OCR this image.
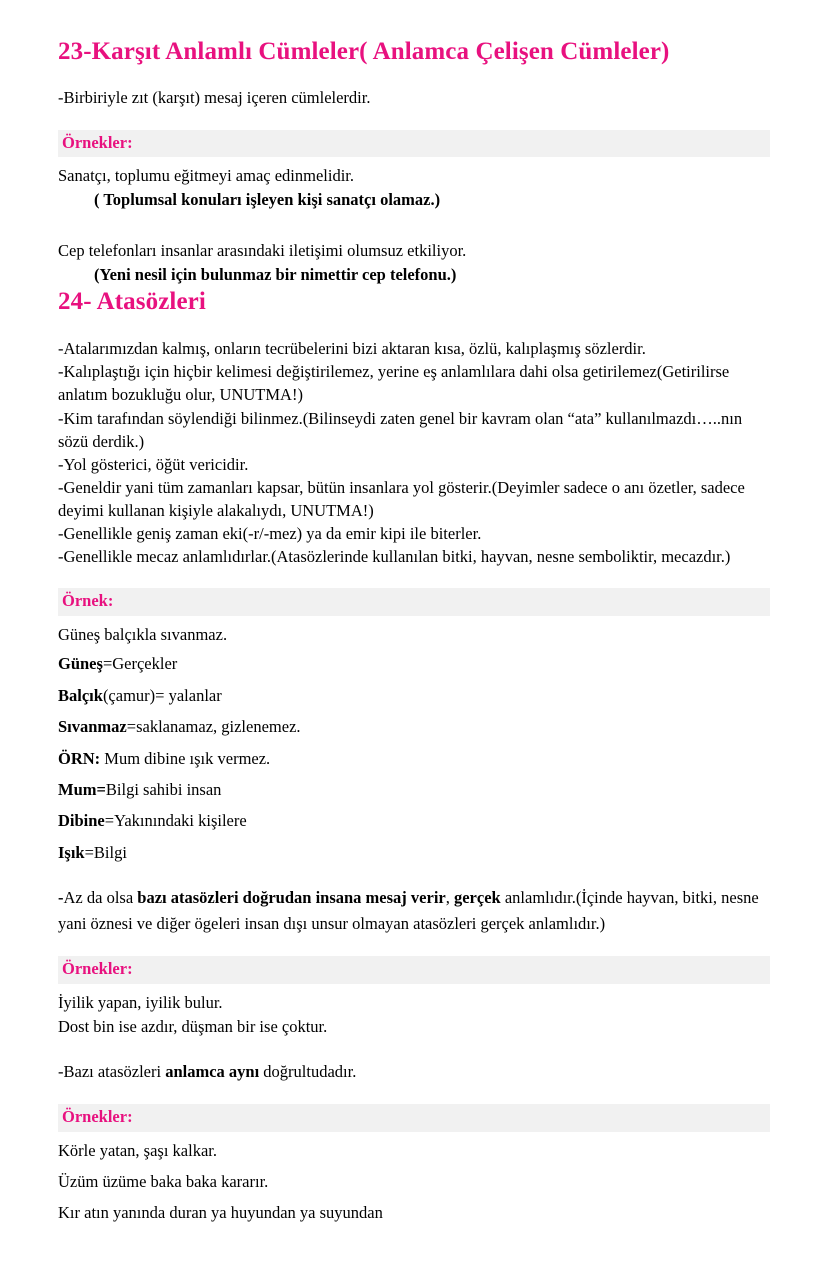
23-Karşıt Anlamlı Cümleler( Anlamca Çelişen Cümleler)

-Birbiriyle zıt (karşıt) mesaj içeren cümlelerdir.

Örnekler:

Sanatçı, toplumu eğitmeyi amaç edinmelidir.

( Toplumsal konuları işleyen kişi sanatçı olamaz.)

Cep telefonları insanlar arasındaki iletişimi olumsuz etkiliyor.

(Yeni nesil için bulunmaz bir nimettir cep telefonu.)

24- Atasözleri

-Atalarımızdan kalmış, onların tecrübelerini bizi aktaran kısa, özlü, kalıplaşmış sözlerdir.

-Kalıplaştığı için hiçbir kelimesi değiştirilemez, yerine eş anlamlılara dahi olsa getirilemez(Getirilirse anlatım bozukluğu olur, UNUTMA!)

-Kim tarafından söylendiği bilinmez.(Bilinseydi zaten genel bir kavram olan “ata” kullanılmazdı…..nın sözü derdik.)

-Yol gösterici, öğüt vericidir.

-Geneldir yani tüm zamanları kapsar, bütün insanlara yol gösterir.(Deyimler sadece o anı özetler, sadece deyimi kullanan kişiyle alakalıydı, UNUTMA!)

-Genellikle geniş zaman eki(-r/-mez) ya da emir kipi ile biterler.

-Genellikle mecaz anlamlıdırlar.(Atasözlerinde kullanılan bitki, hayvan, nesne semboliktir, mecazdır.)

Örnek:

Güneş balçıkla sıvanmaz.

Güneş=Gerçekler

Balçık(çamur)= yalanlar

Sıvanmaz=saklanamaz, gizlenemez.

ÖRN: Mum dibine ışık vermez.

Mum=Bilgi sahibi insan

Dibine=Yakınındaki kişilere

Işık=Bilgi

-Az da olsa bazı atasözleri doğrudan insana mesaj verir, gerçek anlamlıdır.(İçinde hayvan, bitki, nesne yani öznesi ve diğer ögeleri insan dışı unsur olmayan atasözleri gerçek anlamlıdır.)

Örnekler:

İyilik yapan, iyilik bulur.

Dost bin ise azdır, düşman bir ise çoktur.

-Bazı atasözleri anlamca aynı doğrultudadır.

Örnekler:

Körle yatan, şaşı kalkar.

Üzüm üzüme baka baka kararır.

Kır atın yanında duran ya huyundan ya suyundan
